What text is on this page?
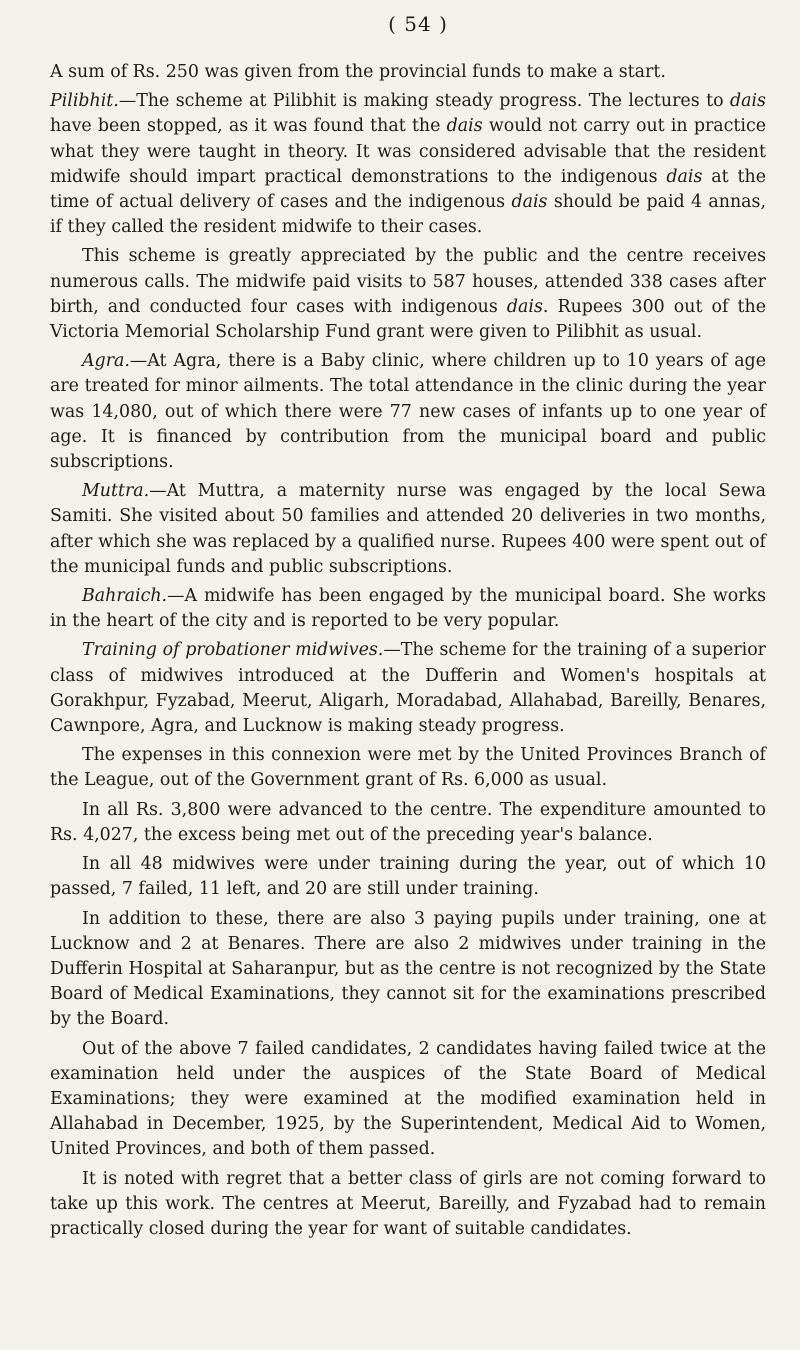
( 54 )

A sum of Rs. 250 was given from the provincial funds to make a start.

Pilibhit.—The scheme at Pilibhit is making steady progress. The lectures to dais have been stopped, as it was found that the dais would not carry out in practice what they were taught in theory. It was considered advisable that the resident midwife should impart practical demonstrations to the indigenous dais at the time of actual delivery of cases and the indigenous dais should be paid 4 annas, if they called the resident midwife to their cases.

This scheme is greatly appreciated by the public and the centre receives numerous calls. The midwife paid visits to 587 houses, attended 338 cases after birth, and conducted four cases with indigenous dais. Rupees 300 out of the Victoria Memorial Scholarship Fund grant were given to Pilibhit as usual.

Agra.—At Agra, there is a Baby clinic, where children up to 10 years of age are treated for minor ailments. The total attendance in the clinic during the year was 14,080, out of which there were 77 new cases of infants up to one year of age. It is financed by contribution from the municipal board and public subscriptions.

Muttra.—At Muttra, a maternity nurse was engaged by the local Sewa Samiti. She visited about 50 families and attended 20 deliveries in two months, after which she was replaced by a qualified nurse. Rupees 400 were spent out of the municipal funds and public subscriptions.

Bahraich.—A midwife has been engaged by the municipal board. She works in the heart of the city and is reported to be very popular.

Training of probationer midwives.—The scheme for the training of a superior class of midwives introduced at the Dufferin and Women's hospitals at Gorakhpur, Fyzabad, Meerut, Aligarh, Moradabad, Allahabad, Bareilly, Benares, Cawnpore, Agra, and Lucknow is making steady progress.

The expenses in this connexion were met by the United Provinces Branch of the League, out of the Government grant of Rs. 6,000 as usual.

In all Rs. 3,800 were advanced to the centre. The expenditure amounted to Rs. 4,027, the excess being met out of the preceding year's balance.

In all 48 midwives were under training during the year, out of which 10 passed, 7 failed, 11 left, and 20 are still under training.

In addition to these, there are also 3 paying pupils under training, one at Lucknow and 2 at Benares. There are also 2 midwives under training in the Dufferin Hospital at Saharanpur, but as the centre is not recognized by the State Board of Medical Examinations, they cannot sit for the examinations prescribed by the Board.

Out of the above 7 failed candidates, 2 candidates having failed twice at the examination held under the auspices of the State Board of Medical Examinations; they were examined at the modified examination held in Allahabad in December, 1925, by the Superintendent, Medical Aid to Women, United Provinces, and both of them passed.

It is noted with regret that a better class of girls are not coming forward to take up this work. The centres at Meerut, Bareilly, and Fyzabad had to remain practically closed during the year for want of suitable candidates.
